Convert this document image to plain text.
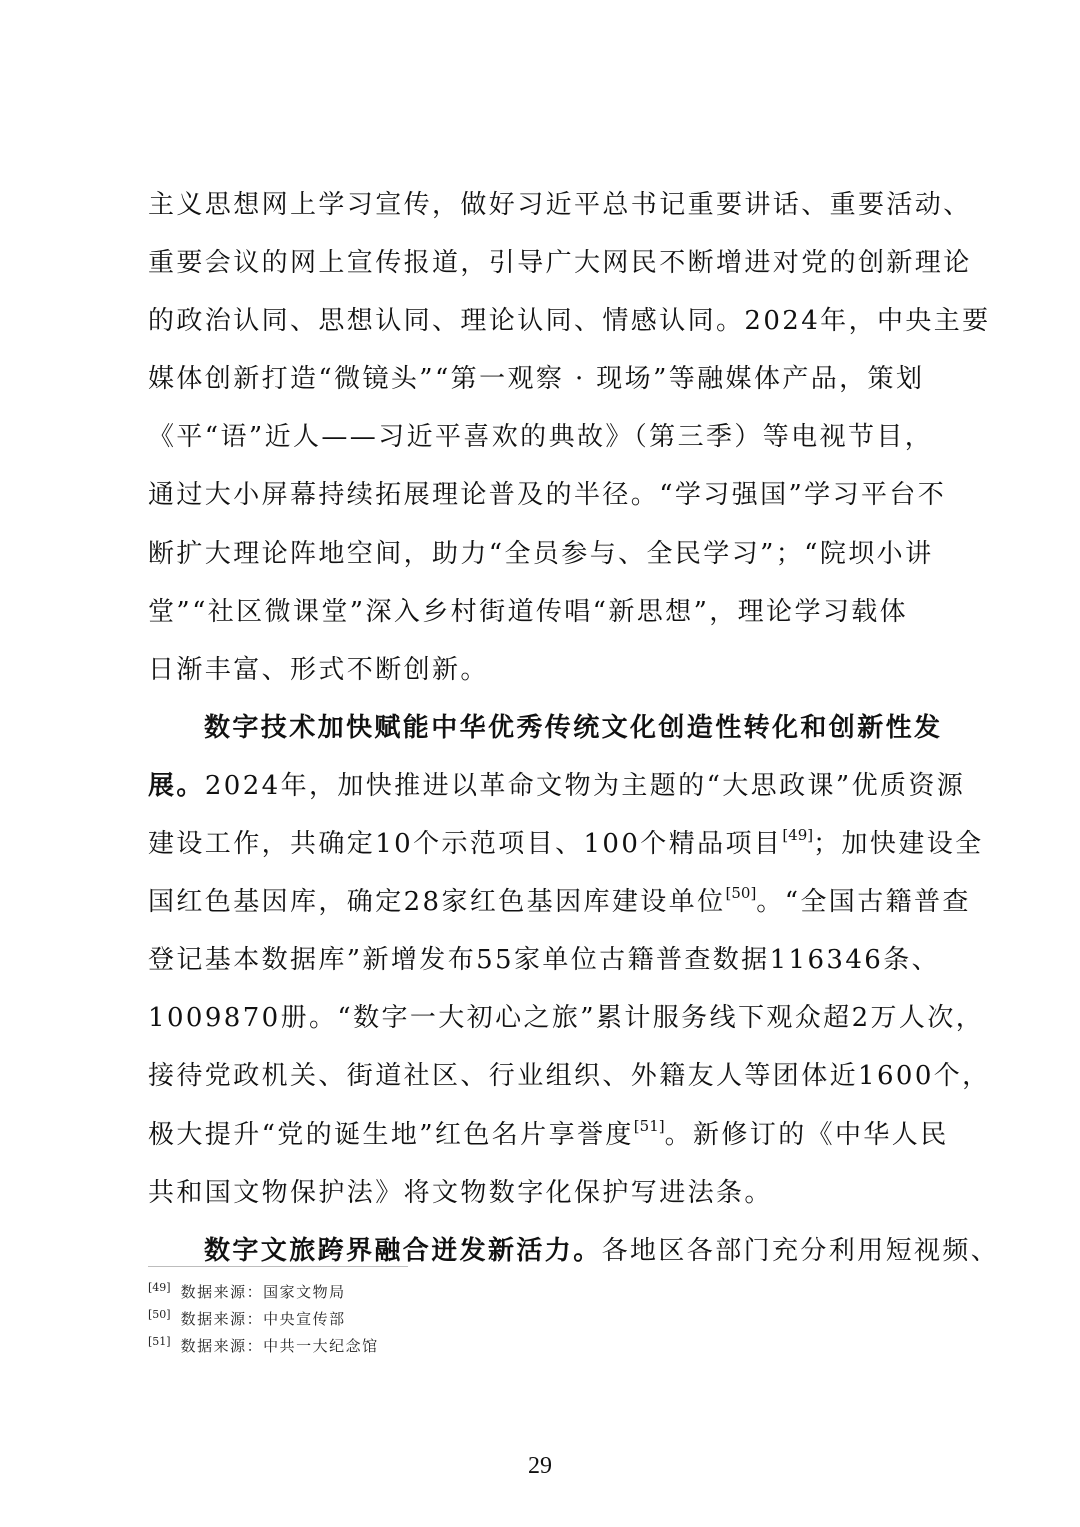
主义思想网上学习宣传，做好习近平总书记重要讲话、重要活动、
重要会议的网上宣传报道，引导广大网民不断增进对党的创新理论
的政治认同、思想认同、理论认同、情感认同。2024年，中央主要
媒体创新打造“微镜头”“第一观察 · 现场”等融媒体产品，策划
《平“语”近人——习近平喜欢的典故》（第三季）等电视节目，
通过大小屏幕持续拓展理论普及的半径。“学习强国”学习平台不
断扩大理论阵地空间，助力“全员参与、全民学习”；“院坝小讲
堂”“社区微课堂”深入乡村街道传唱“新思想”，理论学习载体
日渐丰富、形式不断创新。
数字技术加快赋能中华优秀传统文化创造性转化和创新性发
展。2024年，加快推进以革命文物为主题的“大思政课”优质资源
建设工作，共确定10个示范项目、100个精品项目[49]；加快建设全
国红色基因库，确定28家红色基因库建设单位[50]。“全国古籍普查
登记基本数据库”新增发布55家单位古籍普查数据116346条、
1009870册。“数字一大初心之旅”累计服务线下观众超2万人次，
接待党政机关、街道社区、行业组织、外籍友人等团体近1600个，
极大提升“党的诞生地”红色名片享誉度[51]。新修订的《中华人民
共和国文物保护法》将文物数字化保护写进法条。
数字文旅跨界融合迸发新活力。各地区各部门充分利用短视频、
[49] 数据来源：国家文物局
[50] 数据来源：中央宣传部
[51] 数据来源：中共一大纪念馆
29
